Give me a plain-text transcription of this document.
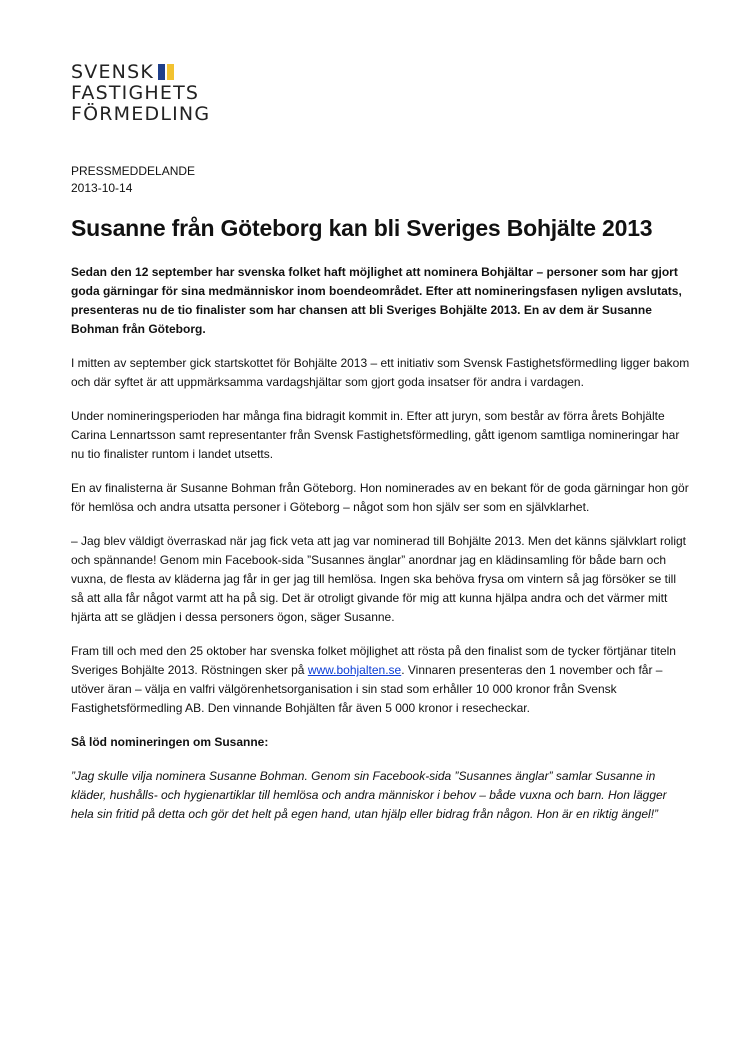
SVENSK
FASTIGHETS
FÖRMEDLING
PRESSMEDDELANDE
2013-10-14
Susanne från Göteborg kan bli Sveriges Bohjälte 2013

Sedan den 12 september har svenska folket haft möjlighet att nominera Bohjältar – personer som har gjort goda gärningar för sina medmänniskor inom boendeområdet. Efter att nomineringsfasen nyligen avslutats, presenteras nu de tio finalister som har chansen att bli Sveriges Bohjälte 2013. En av dem är Susanne Bohman från Göteborg.

I mitten av september gick startskottet för Bohjälte 2013 – ett initiativ som Svensk Fastighetsförmedling ligger bakom och där syftet är att uppmärksamma vardagshjältar som gjort goda insatser för andra i vardagen.

Under nomineringsperioden har många fina bidragit kommit in. Efter att juryn, som består av förra årets Bohjälte Carina Lennartsson samt representanter från Svensk Fastighetsförmedling, gått igenom samtliga nomineringar har nu tio finalister runtom i landet utsetts.

En av finalisterna är Susanne Bohman från Göteborg. Hon nominerades av en bekant för de goda gärningar hon gör för hemlösa och andra utsatta personer i Göteborg – något som hon själv ser som en självklarhet.

– Jag blev väldigt överraskad när jag fick veta att jag var nominerad till Bohjälte 2013. Men det känns självklart roligt och spännande! Genom min Facebook-sida ”Susannes änglar” anordnar jag en klädinsamling för både barn och vuxna, de flesta av kläderna jag får in ger jag till hemlösa. Ingen ska behöva frysa om vintern så jag försöker se till så att alla får något varmt att ha på sig. Det är otroligt givande för mig att kunna hjälpa andra och det värmer mitt hjärta att se glädjen i dessa personers ögon, säger Susanne.

Fram till och med den 25 oktober har svenska folket möjlighet att rösta på den finalist som de tycker förtjänar titeln Sveriges Bohjälte 2013. Röstningen sker på www.bohjalten.se. Vinnaren presenteras den 1 november och får – utöver äran – välja en valfri välgörenhetsorganisation i sin stad som erhåller 10 000 kronor från Svensk Fastighetsförmedling AB. Den vinnande Bohjälten får även 5 000 kronor i resecheckar.

Så löd nomineringen om Susanne:

”Jag skulle vilja nominera Susanne Bohman. Genom sin Facebook-sida ”Susannes änglar” samlar Susanne in kläder, hushålls- och hygienartiklar till hemlösa och andra människor i behov – både vuxna och barn. Hon lägger hela sin fritid på detta och gör det helt på egen hand, utan hjälp eller bidrag från någon. Hon är en riktig ängel!”
